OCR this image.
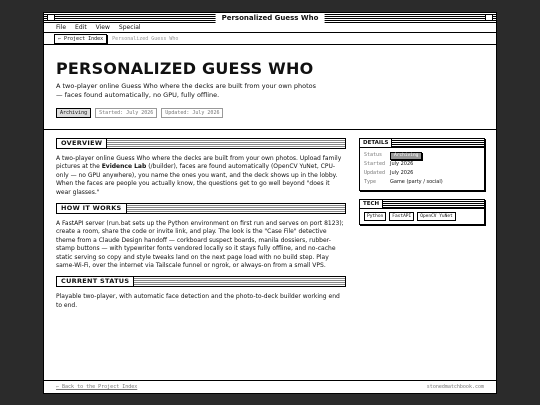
Personalized Guess Who
File Edit View Special
← Project Index	Personalized Guess Who
PERSONALIZED GUESS WHO

A two-player online Guess Who where the decks are built from your own photos — faces found automatically, no GPU, fully offline.

Archiving	Started: July 2026	Updated: July 2026
OVERVIEW
A two-player online Guess Who where the decks are built from your own photos. Upload family pictures at the Evidence Lab (/builder), faces are found automatically (OpenCV YuNet, CPU-only — no GPU anywhere), you name the ones you want, and the deck shows up in the lobby. When the faces are people you actually know, the questions get to go well beyond "does it wear glasses."
HOW IT WORKS
A FastAPI server (run.bat sets up the Python environment on first run and serves on port 8123); create a room, share the code or invite link, and play. The look is the "Case File" detective theme from a Claude Design handoff — corkboard suspect boards, manila dossiers, rubber-stamp buttons — with typewriter fonts vendored locally so it stays fully offline, and no-cache static serving so copy and style tweaks land on the next page load with no build step. Play same-Wi-Fi, over the internet via Tailscale funnel or ngrok, or always-on from a small VPS.
CURRENT STATUS
Playable two-player, with automatic face detection and the photo-to-deck builder working end to end.
DETAILS
Status	Archiving
Started July 2026
Updated July 2026
Type	Game (party / social)
TECH
Python	FastAPI	OpenCV YuNet
← Back to the Project Index	stonedmatchbook.com
